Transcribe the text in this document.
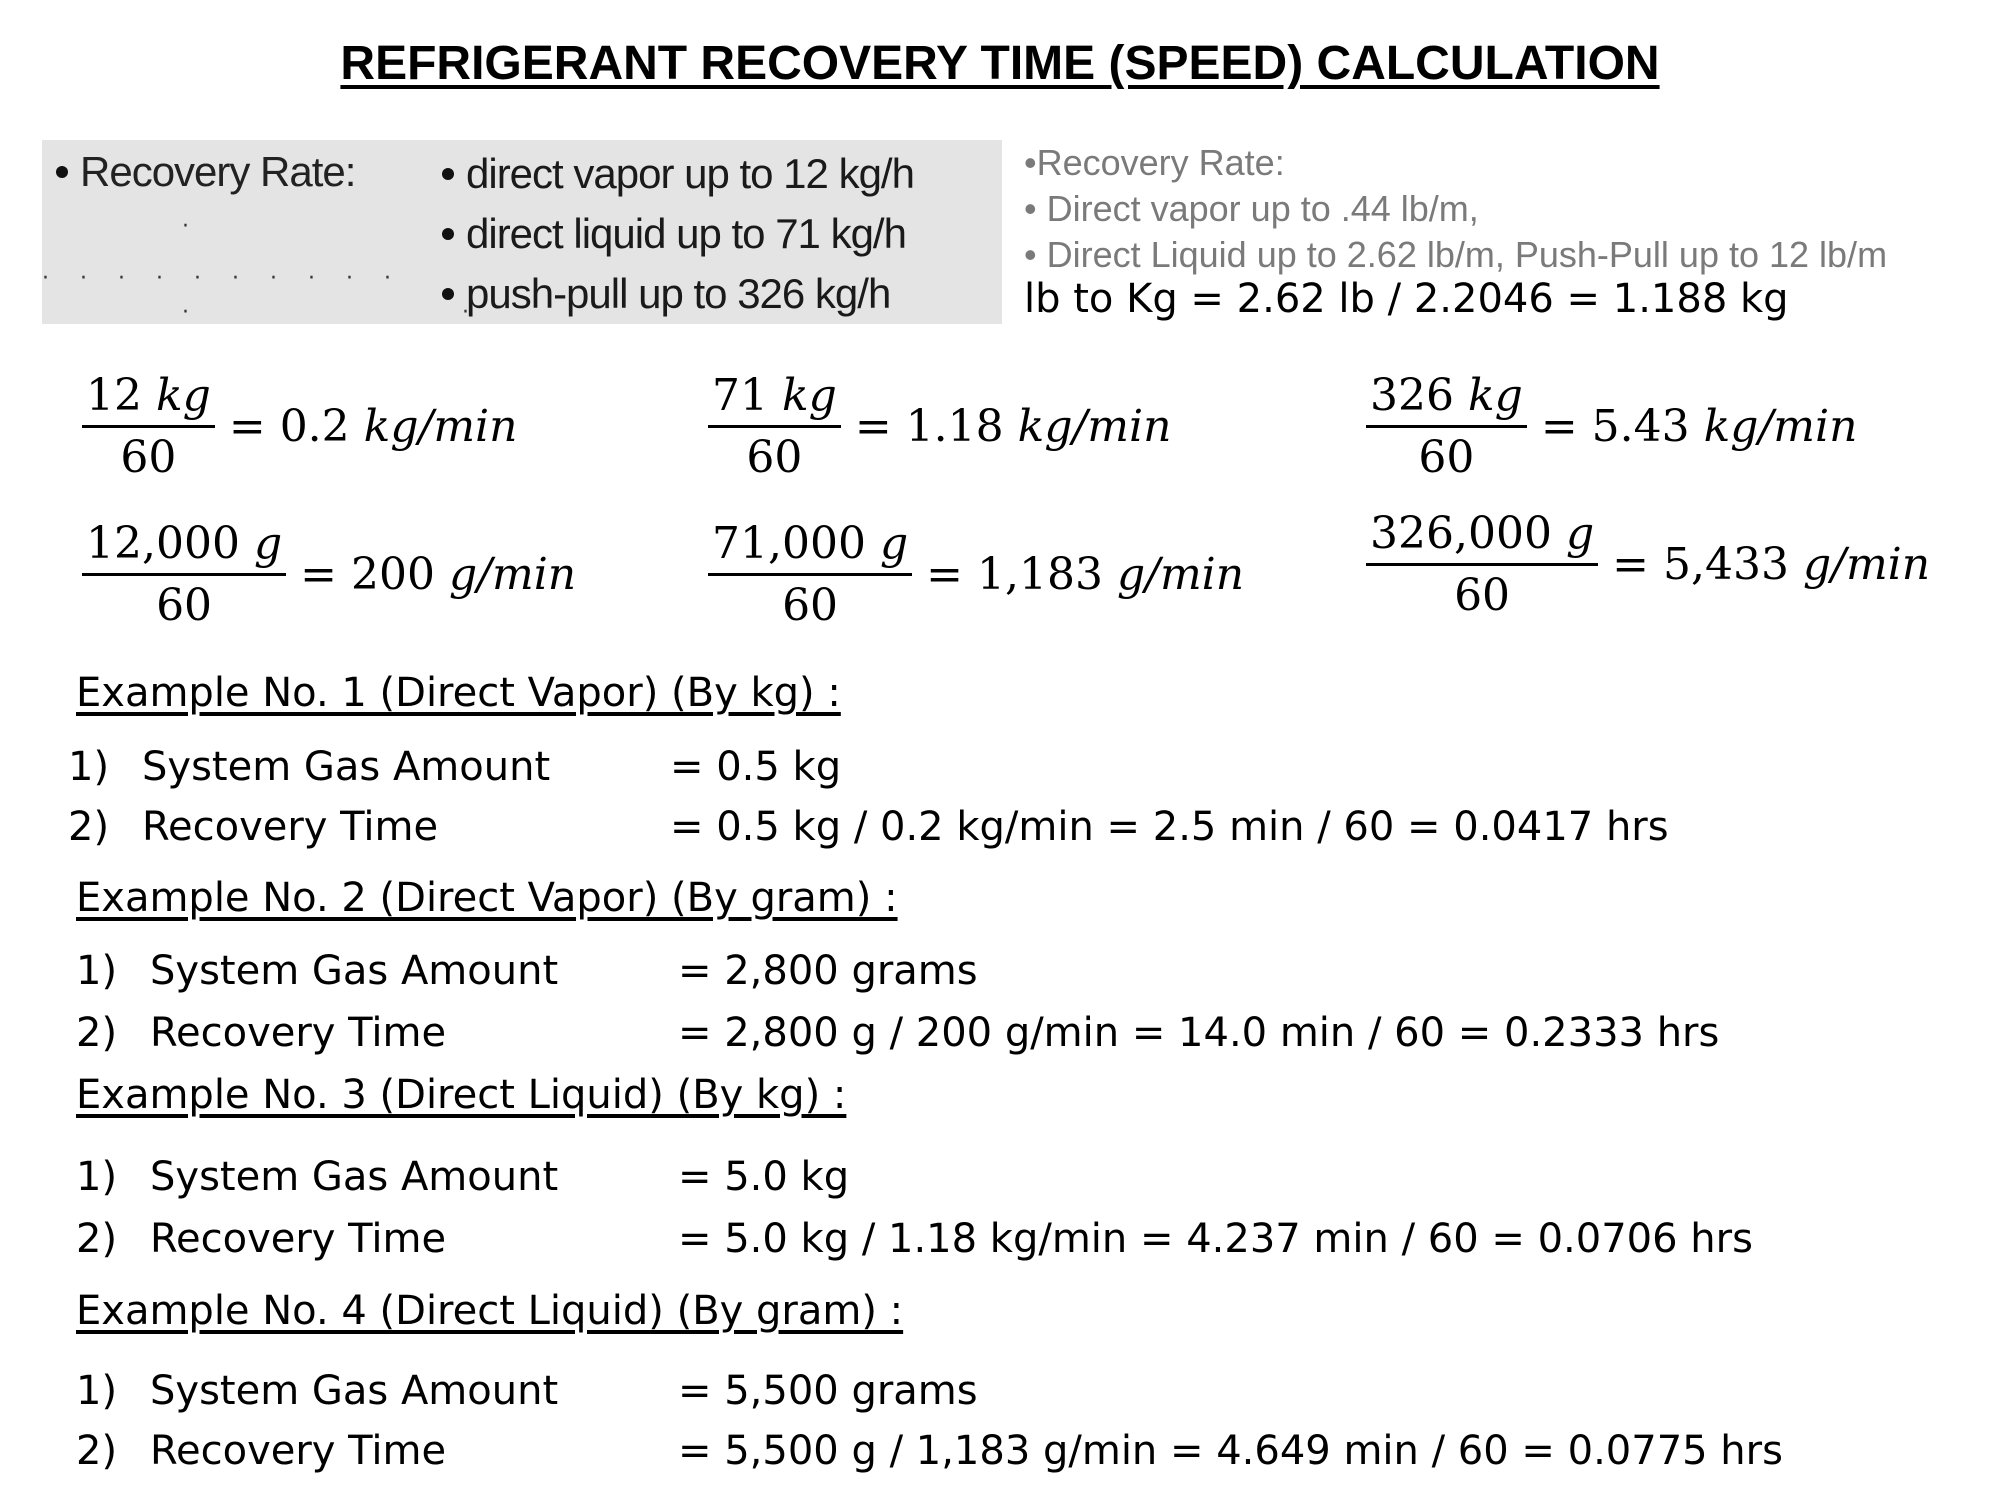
REFRIGERANT RECOVERY TIME (SPEED) CALCULATION
Recovery Rate:	direct vapor up to 12 kg/h
direct liquid up to 71 kg/h
push-pull up to 326 kg/h
·
··········
·	·
•Recovery Rate:
• Direct vapor up to .44 lb/m,
• Direct Liquid up to 2.62 lb/m, Push-Pull up to 12 lb/m
lb to Kg = 2.62 lb / 2.2046 = 1.188 kg
$\frac{12 kg}{60} = 0.2$ kg/min	$\frac{71 kg}{60} = 1.18$ kg/min	$\frac{326 kg}{60} = 5.43$ kg/min
$\frac{12,000 g}{60} = 200$ g/min	$\frac{71,000 g}{60} = 1,183$ g/min	$\frac{326,000 g}{60} = 5,433$ g/min
Example No. 1 (Direct Vapor) (By kg) :
1) System Gas Amount	= 0.5 kg
2) Recovery Time	= 0.5 kg / 0.2 kg/min = 2.5 min / 60 = 0.0417 hrs
Example No. 2 (Direct Vapor) (By gram) :
1) System Gas Amount	= 2,800 grams
2) Recovery Time	= 2,800 g / 200 g/min = 14.0 min / 60 = 0.2333 hrs
Example No. 3 (Direct Liquid) (By kg) :
1) System Gas Amount	= 5.0 kg
2) Recovery Time	= 5.0 kg / 1.18 kg/min = 4.237 min / 60 = 0.0706 hrs
Example No. 4 (Direct Liquid) (By gram) :
1) System Gas Amount	= 5,500 grams
2) Recovery Time	= 5,500 g / 1,183 g/min = 4.649 min / 60 = 0.0775 hrs
